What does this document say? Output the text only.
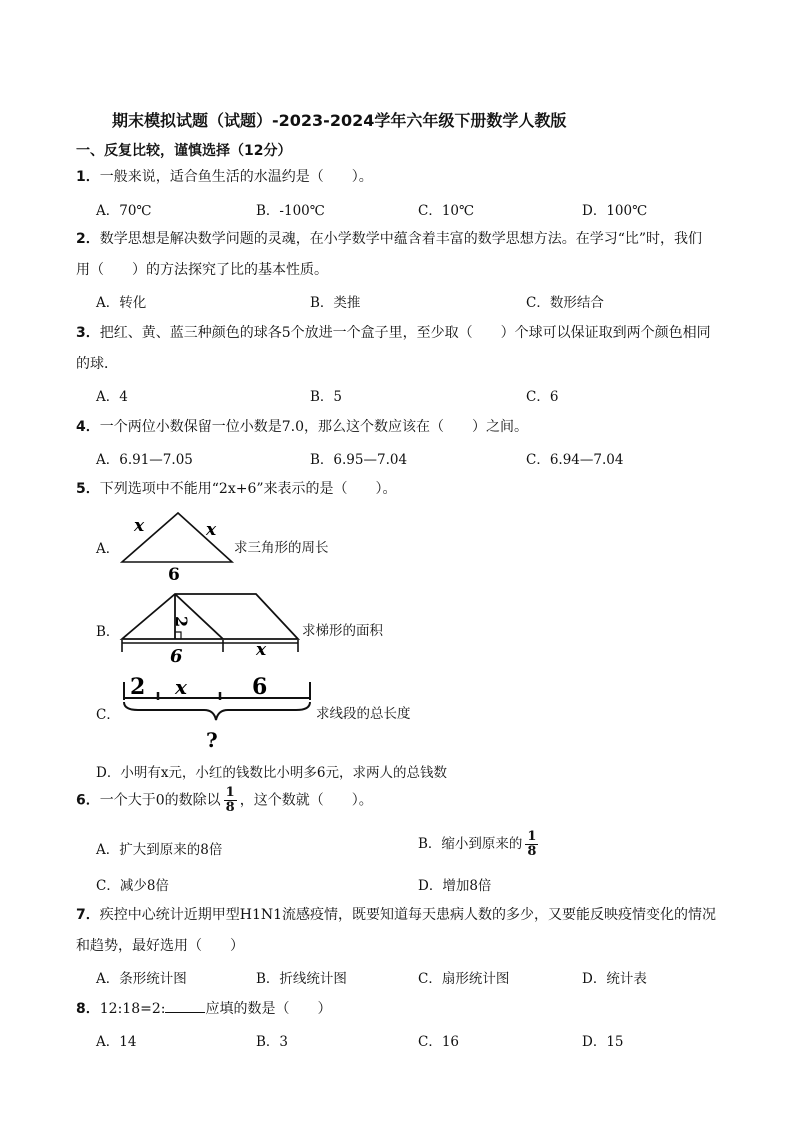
期末模拟试题（试题）-2023-2024学年六年级下册数学人教版
一、反复比较，谨慎选择（12分）
1．一般来说，适合鱼生活的水温约是（　　）。
A．70℃	B．-100℃	C．10℃	D．100℃
2．数学思想是解决数学问题的灵魂，在小学数学中蕴含着丰富的数学思想方法。在学习“比”时，我们
用（　　）的方法探究了比的基本性质。
A．转化	B．类推	C．数形结合
3．把红、黄、蓝三种颜色的球各5个放进一个盒子里，至少取（　　）个球可以保证取到两个颜色相同
的球．
A．4	B．5	C．6
4．一个两位小数保留一位小数是7.0，那么这个数应该在（　　）之间。
A．6.91—7.05	B．6.95—7.04	C．6.94—7.04
5．下列选项中不能用“2x+6”来表示的是（　　）。
A．
x	x
6
求三角形的周长
B．
2
6	x
求梯形的面积
C．
2 x	6
?
求线段的总长度
D．小明有x元，小红的钱数比小明多6元，求两人的总钱数
6．一个大于0的数除以 $\frac{1}{8}$ ，这个数就（　　）。
A．扩大到原来的8倍	B．缩小到原来的 $\frac{1}{8}$
C．减少8倍	D．增加8倍
7．疾控中心统计近期甲型H1N1流感疫情，既要知道每天患病人数的多少，又要能反映疫情变化的情况
和趋势，最好选用（　　）
A．条形统计图	B．折线统计图	C．扇形统计图	D．统计表
8．12:18=2:	应填的数是（　　）
A．14	B．3	C．16	D．15
